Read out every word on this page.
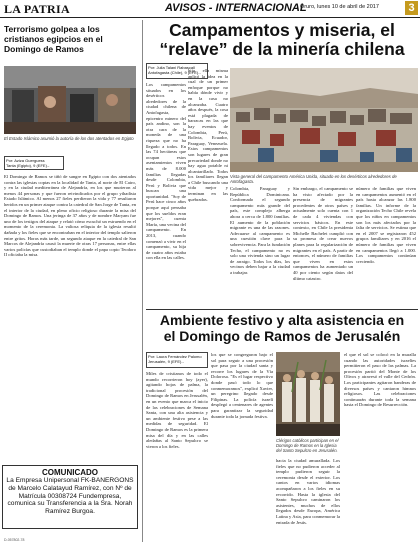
LA PATRIA	AVISOS - INTERNACIONAL
Oruro, lunes 10 de abril de 2017	3
Terrorismo golpea a los cristianos egipcios en el Domingo de Ramos
El Estado Islámico asumió la autoría de los dos atentados en Egipto
Por: Aziza Guerguess
Tanta (Egipto), 9 (EFE).-
El Domingo de Ramos se tiñó de sangre en Egipto con dos atentados contra las iglesias coptas en la localidad de Tanta, al norte de El Cairo, y en la ciudad mediterránea de Alejandría, en los que murieron al menos 44 personas y que fueron reivindicados por el grupo yihadista Estado Islámico. Al menos 27 fieles perdieron la vida y 77 resultaron heridos en un primer ataque contra la catedral de San Jorge de Tanta, en el interior de la ciudad, en pleno oficio religioso durante la misa del Domingo de Ramos. Una jeringa de 37 años y de nombre Maryam fue uno de los testigos del ataque y relató cómo escuchó un estruendo en el momento de la ceremonia. La valiosa reliquia de la iglesia resultó dañada y los fieles que se encontraban en el interior del templo salieron entre gritos. Horas más tarde, un segundo ataque en la catedral de San Marcos de Alejandría causó la muerte de otras 17 personas, entre ellas varios policías que custodiaban el templo donde el papa copto Teodoro II oficiaba la misa.
COMUNICADO
La Empresa Unipersonal FK-BANERGONS de Marcelo Calatayud Ramírez, con Nº de Matrícula 00308724 Fundempresa, comunica su Transferencia a la Sra. Norah Ramírez Burgoa.
D-057802-78
Campamentos y miseria, el
“relave” de la minería chilena
Por: Julia Talani Rabascall
Antofagasta (Chile), 9 (EFE).-
Los campamentos situados en los desérticos alrededores de la ciudad chilena de Antofagasta, epicentro minero del país andino, son la otra cara de la moneda de una riqueza que no ha llegado a todos. En las 74 hectáreas que ocupan estos asentamientos viven más de 8.000 familias llegadas desde Colombia, Perú y Bolivia que buscan una oportunidad. "Soy de Perú hace cinco años porque aquí pensaba que los sueldos eran mejores", cuenta María, una vecina del campamento. En 2013, cuando comenzó a vivir en el campamento, su hija de cuatro años estaba con ella en las calles.
hija, ella misma aplicó la idea en la cual de un primer enfoque porque no había dónde vivir y en la casa no alcanzaba. Cuatro años después, la cosa está plagada de barracas en las que hay eventos de Colombia, Perú, Bolivia, Ecuador, Paraguay, Venezuela. Estos campamentos son lugares de gran precariedad donde no hay agua potable ni alcantarillado. Todos los familiares llegan a Chile buscando una vida mejor y terminan en las quebradas.
Vista general del campamento América Unida, situado en los desérticos alrededores de Antofagasta.
Colombia, Paraguay y República Dominicana. Conformado el segundo campamento más grande del país, este complejo alberga ahora a cerca de 1.800 familias. El aumento de la población migrante es una de las razones. Adecuarse al campamento es una cuestión clave para la sobrevivencia. Para la fundación Techo, el campamento no es solo una vivienda sino un lugar de arraigo. Todos los días, los vecinos deben bajar a la ciudad a trabajar.
Sin embargo, el campamento se ha visto afectado por la presencia de migrantes procedentes de otros países y actualmente solo cuenta con 1 de cada 4 viviendas con servicios básicos. En este contexto, en Chile la presidenta Michelle Bachelet cumplió con su promesa de crear nuevos planes para la regularización de migrantes en el país. A partir de entonces, el número de familias que viven en estos campamentos ha aumentado un 40 por ciento según datos del último catastro.
número de familias que viven en campamentos aumentó en el país hasta alcanzar las 1.800 familias. Un informe de la organización Techo Chile revela que los niños en campamentos son los más afectados por la falta de servicios. Se estima que en el 2007 se registraron 452 grupos familiares y en 2016 el número de familias que viven en campamentos llegó a 1.000. Los campamentos continúan creciendo.
Ambiente festivo y alta asistencia en
el Domingo de Ramos de Jerusalén
Por: Laura Fernández Palomo
Jerusalén, 9 (EFE).-
Miles de cristianos de todo el mundo recorrieron hoy (ayer), agitando hojas de palma, la tradicional procesión del Domingo de Ramos en Jerusalén, en un evento que marca el inicio de las celebraciones de Semana Santa, con una alta asistencia y un ambiente festivo pese a las medidas de seguridad. El Domingo de Ramos es la primera misa del día y en las calles aledañas al Santo Sepulcro se vieron a los fieles.
los que se congregaron bajo el sol para seguir a una procesión que pasa por la ciudad santa y recorre los lugares de la Vía Dolorosa. "Es el lugar respectivo donde pasó todo lo que conmemoramos", explicó Xavier, un peregrino llegado desde Filipinas. La policía israelí desplegó a centenares de agentes para garantizar la seguridad durante toda la jornada festiva.
Clérigos católicos participan en el Domingo de Ramos en la Iglesia del Santo Sepulcro en Jerusalén.
hacia la ciudad amurallada. Los fieles que no pudieron acceder al templo pudieron seguir la ceremonia desde el exterior. Los cantos en varios idiomas acompañaron a los fieles en su recorrido. Hasta la iglesia del Santo Sepulcro caminaron los asistentes, muchos de ellos llegados desde Europa, América Latina y Asia, para conmemorar la entrada de Jesús.
el que el sol se colocó en la muralla cuando las autoridades israelíes permitieron el paso de las palmas. La procesión partió del Monte de los Olivos y atravesó el valle del Cedrón. Los participantes agitaron banderas de diversos países y cantaron himnos religiosos. Las celebraciones continuarán durante toda la semana hasta el Domingo de Resurrección.
